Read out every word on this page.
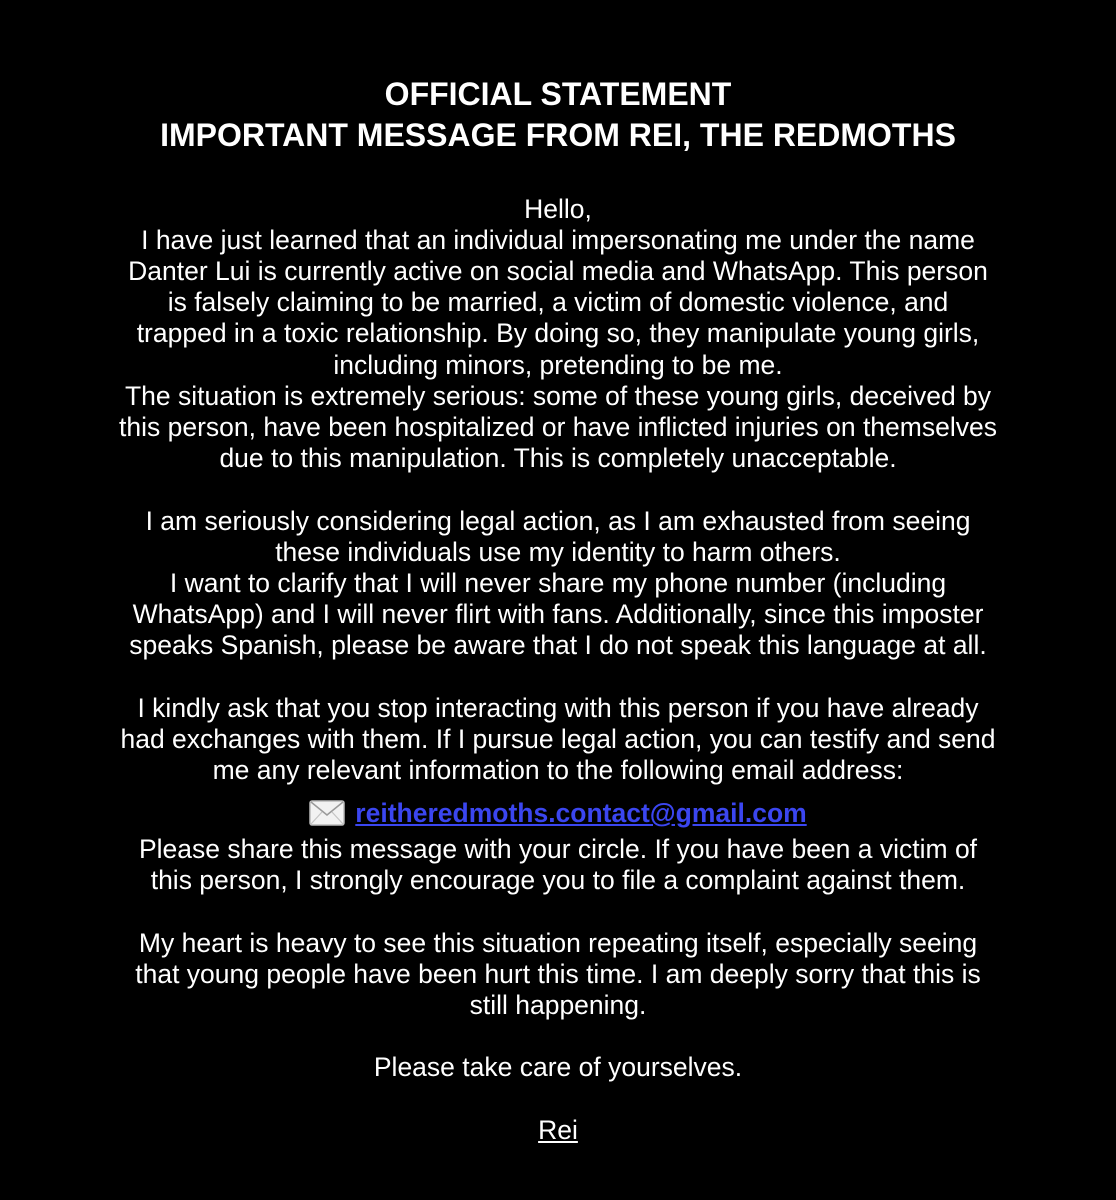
OFFICIAL STATEMENT
IMPORTANT MESSAGE FROM REI, THE REDMOTHS

Hello,

I have just learned that an individual impersonating me under the name

Danter Lui is currently active on social media and WhatsApp. This person

is falsely claiming to be married, a victim of domestic violence, and

trapped in a toxic relationship. By doing so, they manipulate young girls,

including minors, pretending to be me.

The situation is extremely serious: some of these young girls, deceived by

this person, have been hospitalized or have inflicted injuries on themselves

due to this manipulation. This is completely unacceptable.

I am seriously considering legal action, as I am exhausted from seeing

these individuals use my identity to harm others.

I want to clarify that I will never share my phone number (including

WhatsApp) and I will never flirt with fans. Additionally, since this imposter

speaks Spanish, please be aware that I do not speak this language at all.

I kindly ask that you stop interacting with this person if you have already

had exchanges with them. If I pursue legal action, you can testify and send

me any relevant information to the following email address:

reitheredmoths.contact@gmail.com

Please share this message with your circle. If you have been a victim of

this person, I strongly encourage you to file a complaint against them.

My heart is heavy to see this situation repeating itself, especially seeing

that young people have been hurt this time. I am deeply sorry that this is

still happening.

Please take care of yourselves.

Rei
